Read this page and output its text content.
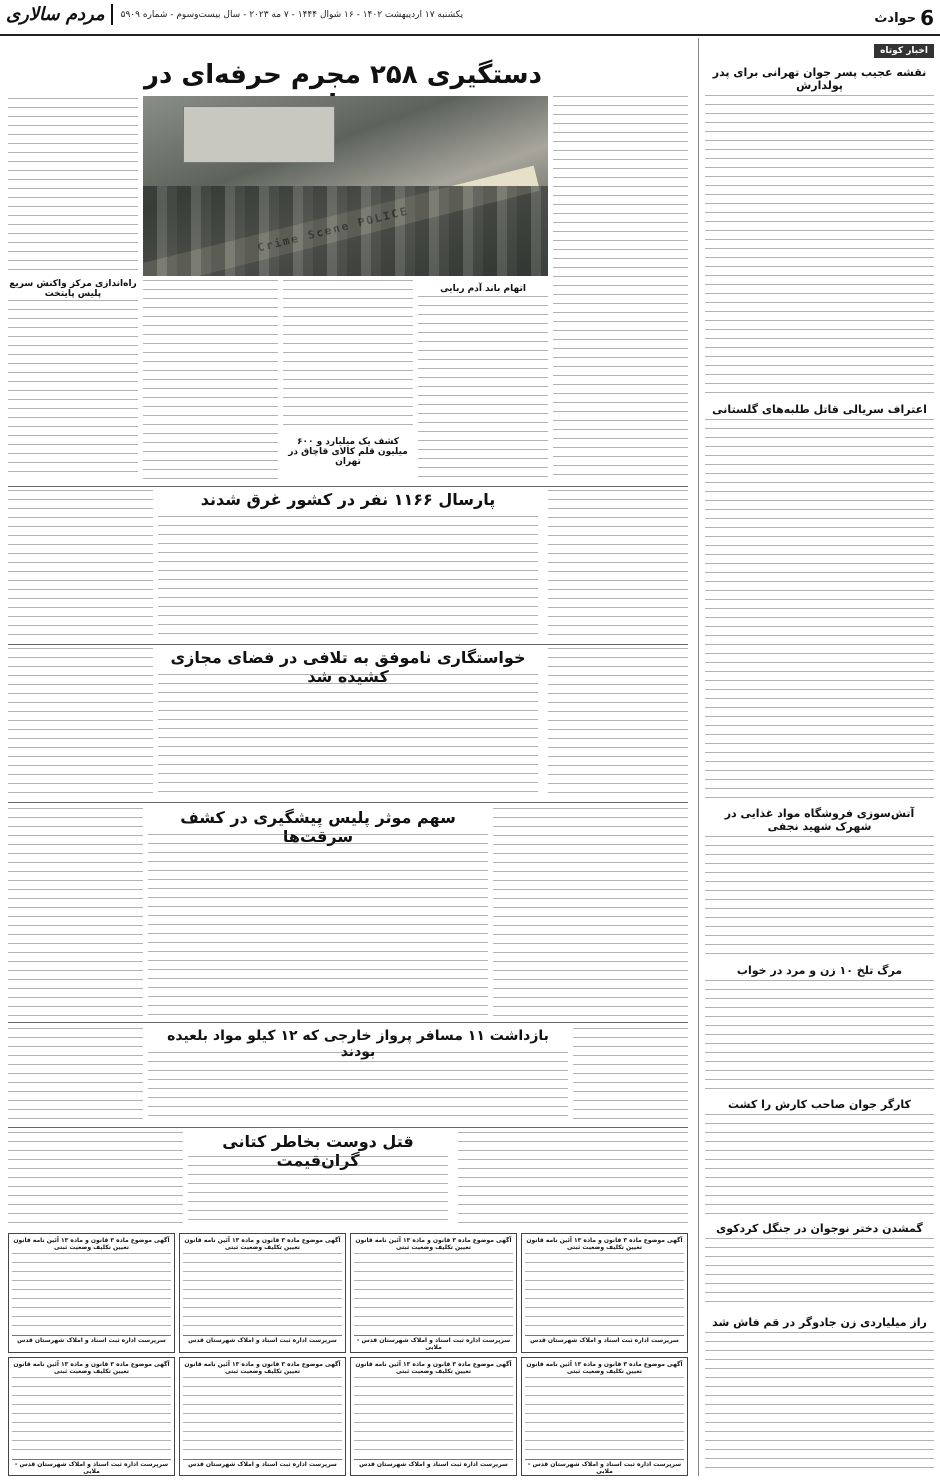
6
حوادث
یکشنبه ۱۷ اردیبهشت ۱۴۰۲ - ۱۶ شوال ۱۴۴۴ - ۷ مه ۲۰۲۳ - سال بیست‌وسوم - شماره ۵۹۰۹
مردم سالاری
اخبار کوتاه
نقشه عجیب پسر جوان تهرانی برای پدر پولدارش
اعتراف سریالی قاتل طلبه‌های گلستانی
آتش‌سوزی فروشگاه مواد غذایی در شهرک شهید نجفی
مرگ تلخ ۱۰ زن و مرد در خواب
کارگر جوان صاحب کارش را کشت
گمشدن دختر نوجوان در جنگل کردکوی
راز میلیاردی زن جادوگر در قم فاش شد
دستگیری ۲۵۸ مجرم حرفه‌ای در
راه‌اندازی مرکز واکنش سریع پلیس پایتخت	اتهام باند آدم ربایی
کشف یک میلیارد و ۶۰۰ میلیون قلم کالای قاچاق در تهران
پارسال ۱۱۶۶ نفر در کشور غرق شدند
خواستگاری ناموفق به تلافی در فضای مجازی کشیده شد
سهم موثر پلیس پیشگیری در کشف سرقت‌ها
بازداشت ۱۱ مسافر پرواز خارجی که ۱۲ کیلو مواد بلعیده بودند
قتل دوست بخاطر کتانی گران‌قیمت
آگهی موضوع ماده ۳ قانون و ماده ۱۳ آئین نامه قانون تعیین تکلیف وضعیت ثبتی
سرپرست اداره ثبت اسناد و املاک شهرستان قدس
آگهی موضوع ماده ۳ قانون و ماده ۱۳ آئین نامه قانون تعیین تکلیف وضعیت ثبتی
سرپرست اداره ثبت اسناد و املاک شهرستان قدس - ملایی
آگهی موضوع ماده ۳ قانون و ماده ۱۳ آئین نامه قانون تعیین تکلیف وضعیت ثبتی
سرپرست اداره ثبت اسناد و املاک شهرستان قدس
آگهی موضوع ماده ۳ قانون و ماده ۱۳ آئین نامه قانون تعیین تکلیف وضعیت ثبتی
سرپرست اداره ثبت اسناد و املاک شهرستان قدس
آگهی موضوع ماده ۳ قانون و ماده ۱۳ آئین نامه قانون تعیین تکلیف وضعیت ثبتی
سرپرست اداره ثبت اسناد و املاک شهرستان قدس - ملایی
آگهی موضوع ماده ۳ قانون و ماده ۱۳ آئین نامه قانون تعیین تکلیف وضعیت ثبتی
سرپرست اداره ثبت اسناد و املاک شهرستان قدس
آگهی موضوع ماده ۳ قانون و ماده ۱۳ آئین نامه قانون تعیین تکلیف وضعیت ثبتی
سرپرست اداره ثبت اسناد و املاک شهرستان قدس
آگهی موضوع ماده ۳ قانون و ماده ۱۳ آئین نامه قانون تعیین تکلیف وضعیت ثبتی
سرپرست اداره ثبت اسناد و املاک شهرستان قدس - ملایی
